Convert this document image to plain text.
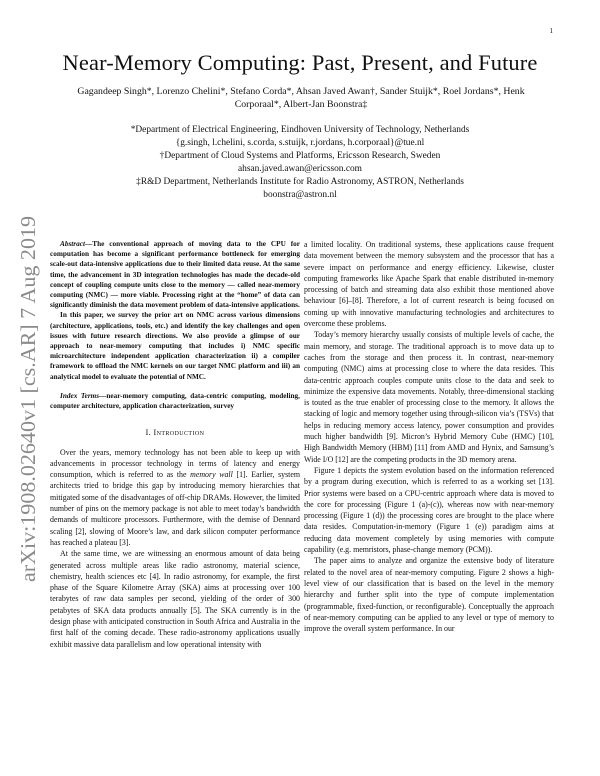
1
arXiv:1908.02640v1 [cs.AR] 7 Aug 2019
Near-Memory Computing: Past, Present, and Future
Gagandeep Singh*, Lorenzo Chelini*, Stefano Corda*, Ahsan Javed Awan†, Sander Stuijk*, Roel Jordans*, Henk
Corporaal*, Albert-Jan Boonstra‡
*Department of Electrical Engineering, Eindhoven University of Technology, Netherlands
{g.singh, l.chelini, s.corda, s.stuijk, r.jordans, h.corporaal}@tue.nl
†Department of Cloud Systems and Platforms, Ericsson Research, Sweden
ahsan.javed.awan@ericsson.com
‡R&D Department, Netherlands Institute for Radio Astronomy, ASTRON, Netherlands
boonstra@astron.nl

Abstract—The conventional approach of moving data to the CPU for computation has become a significant performance bottleneck for emerging scale-out data-intensive applications due to their limited data reuse. At the same time, the advancement in 3D integration technologies has made the decade-old concept of coupling compute units close to the memory — called near-memory computing (NMC) — more viable. Processing right at the “home” of data can significantly diminish the data movement problem of data-intensive applications.

In this paper, we survey the prior art on NMC across various dimensions (architecture, applications, tools, etc.) and identify the key challenges and open issues with future research directions. We also provide a glimpse of our approach to near-memory computing that includes i) NMC specific microarchitecture independent application characterization ii) a compiler framework to offload the NMC kernels on our target NMC platform and iii) an analytical model to evaluate the potential of NMC.

Index Terms—near-memory computing, data-centric computing, modeling, computer architecture, application characterization, survey

I. Introduction

Over the years, memory technology has not been able to keep up with advancements in processor technology in terms of latency and energy consumption, which is referred to as the memory wall [1]. Earlier, system architects tried to bridge this gap by introducing memory hierarchies that mitigated some of the disadvantages of off-chip DRAMs. However, the limited number of pins on the memory package is not able to meet today’s bandwidth demands of multicore processors. Furthermore, with the demise of Dennard scaling [2], slowing of Moore’s law, and dark silicon computer performance has reached a plateau [3].

At the same time, we are witnessing an enormous amount of data being generated across multiple areas like radio astronomy, material science, chemistry, health sciences etc [4]. In radio astronomy, for example, the first phase of the Square Kilometre Array (SKA) aims at processing over 100 terabytes of raw data samples per second, yielding of the order of 300 petabytes of SKA data products annually [5]. The SKA currently is in the design phase with anticipated construction in South Africa and Australia in the first half of the coming decade. These radio-astronomy applications usually exhibit massive data parallelism and low operational intensity with

a limited locality. On traditional systems, these applications cause frequent data movement between the memory subsystem and the processor that has a severe impact on performance and energy efficiency. Likewise, cluster computing frameworks like Apache Spark that enable distributed in-memory processing of batch and streaming data also exhibit those mentioned above behaviour [6]–[8]. Therefore, a lot of current research is being focused on coming up with innovative manufacturing technologies and architectures to overcome these problems.

Today’s memory hierarchy usually consists of multiple levels of cache, the main memory, and storage. The traditional approach is to move data up to caches from the storage and then process it. In contrast, near-memory computing (NMC) aims at processing close to where the data resides. This data-centric approach couples compute units close to the data and seek to minimize the expensive data movements. Notably, three-dimensional stacking is touted as the true enabler of processing close to the memory. It allows the stacking of logic and memory together using through-silicon via’s (TSVs) that helps in reducing memory access latency, power consumption and provides much higher bandwidth [9]. Micron’s Hybrid Memory Cube (HMC) [10], High Bandwidth Memory (HBM) [11] from AMD and Hynix, and Samsung’s Wide I/O [12] are the competing products in the 3D memory arena.

Figure 1 depicts the system evolution based on the information referenced by a program during execution, which is referred to as a working set [13]. Prior systems were based on a CPU-centric approach where data is moved to the core for processing (Figure 1 (a)-(c)), whereas now with near-memory processing (Figure 1 (d)) the processing cores are brought to the place where data resides. Computation-in-memory (Figure 1 (e)) paradigm aims at reducing data movement completely by using memories with compute capability (e.g. memristors, phase-change memory (PCM)).

The paper aims to analyze and organize the extensive body of literature related to the novel area of near-memory computing. Figure 2 shows a high-level view of our classification that is based on the level in the memory hierarchy and further split into the type of compute implementation (programmable, fixed-function, or reconfigurable). Conceptually the approach of near-memory computing can be applied to any level or type of memory to improve the overall system performance. In our
